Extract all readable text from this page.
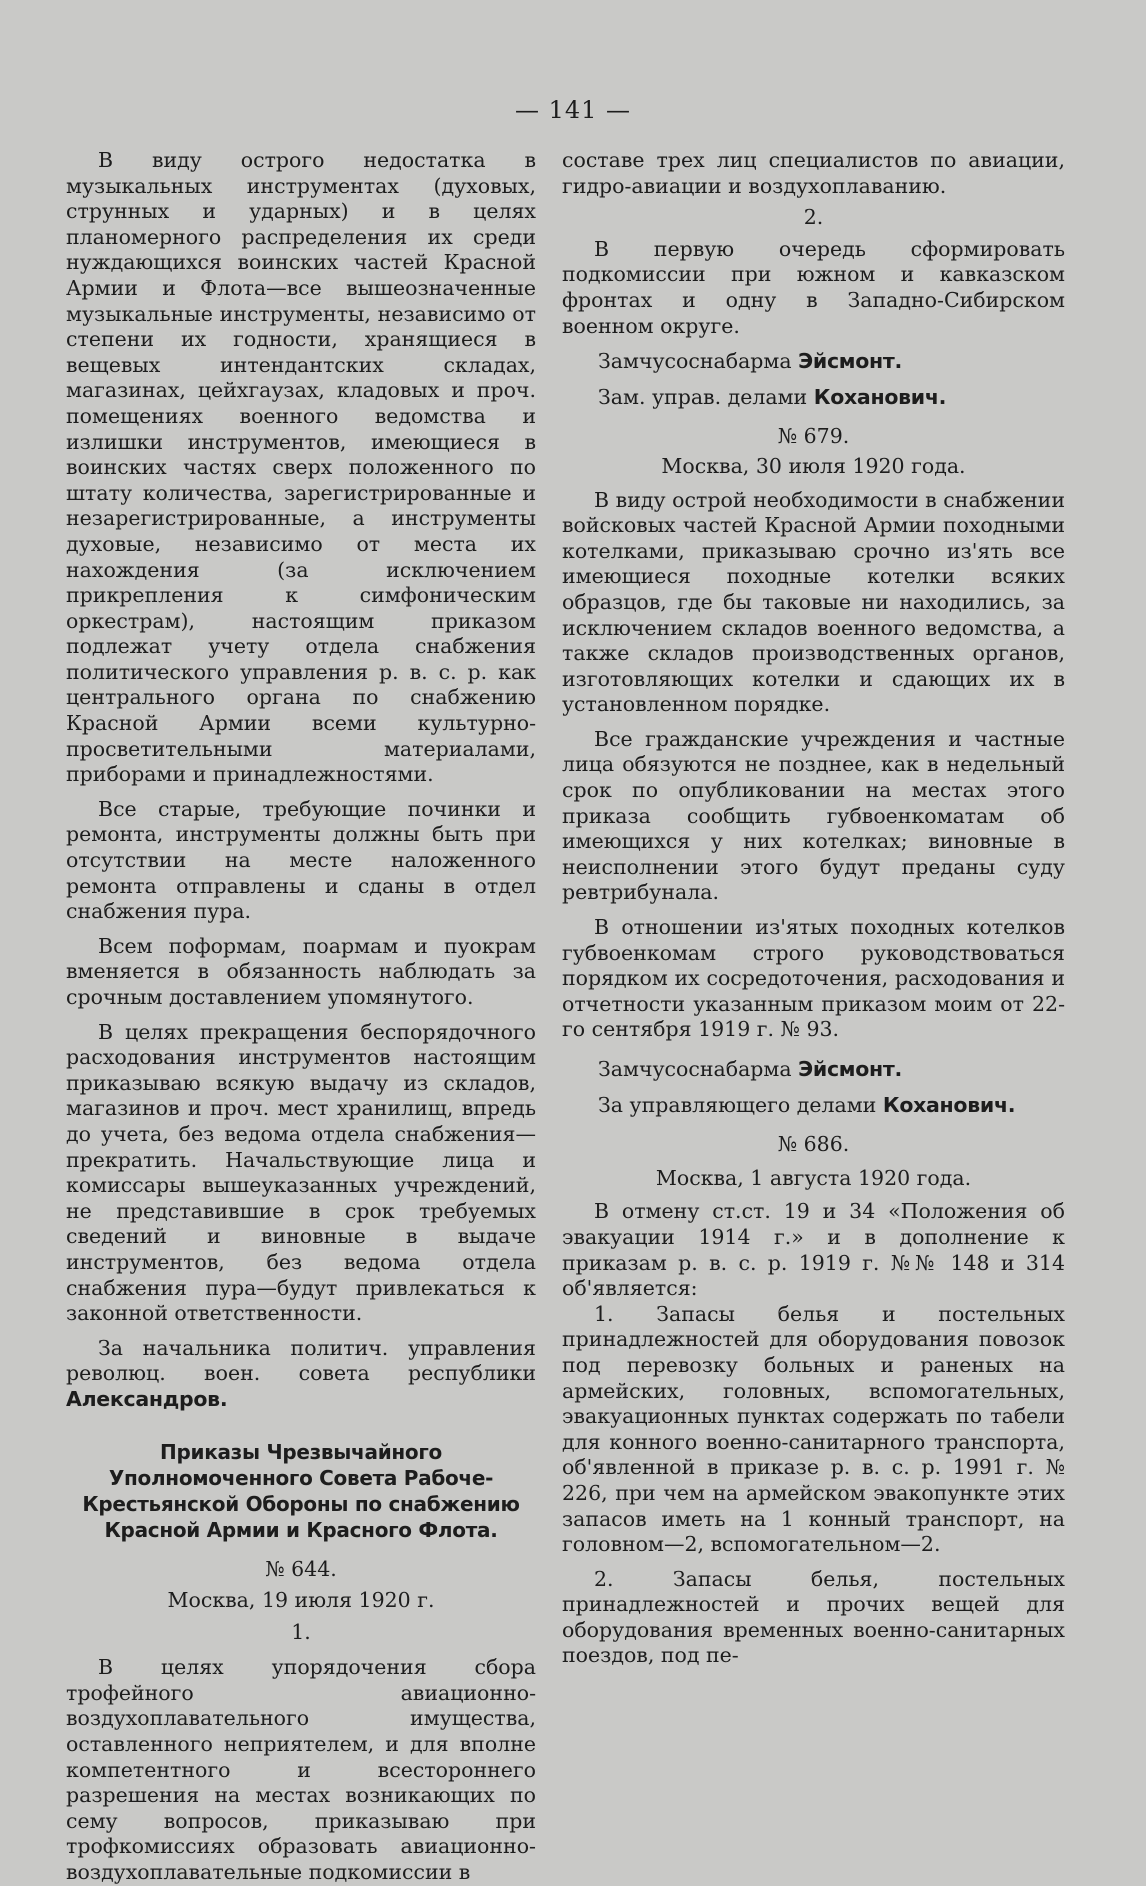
— 141 —

В виду острого недостатка в музыкальных инструментах (духовых, струнных и ударных) и в целях планомерного распределения их среди нуждающихся воинских частей Красной Армии и Флота—все вышеозначенные музыкальные инструменты, независимо от степени их годности, хранящиеся в вещевых интендантских складах, магазинах, цейхгаузах, кладовых и проч. помещениях военного ведомства и излишки инструментов, имеющиеся в воинских частях сверх положенного по штату количества, зарегистрированные и незарегистрированные, а инструменты духовые, независимо от места их нахождения (за исключением прикрепления к симфоническим оркестрам), настоящим приказом подлежат учету отдела снабжения политического управления р. в. с. р. как центрального органа по снабжению Красной Армии всеми культурно-просветительными материалами, приборами и принадлежностями.

Все старые, требующие починки и ремонта, инструменты должны быть при отсутствии на месте наложенного ремонта отправлены и сданы в отдел снабжения пура.

Всем поформам, поармам и пуокрам вменяется в обязанность наблюдать за срочным доставлением упомянутого.

В целях прекращения беспорядочного расходования инструментов настоящим приказываю всякую выдачу из складов, магазинов и проч. мест хранилищ, впредь до учета, без ведома отдела снабжения—прекратить. Начальствующие лица и комиссары вышеуказанных учреждений, не представившие в срок требуемых сведений и виновные в выдаче инструментов, без ведома отдела снабжения пура—будут привлекаться к законной ответственности.

За начальника политич. управления революц. воен. совета республики Александров.

Приказы Чрезвычайного Уполномоченного Совета Рабоче-Крестьянской Обороны по снабжению Красной Армии и Красного Флота.
№ 644.
Москва, 19 июля 1920 г.
1.

В целях упорядочения сбора трофейного авиационно-воздухоплавательного имущества, оставленного неприятелем, и для вполне компетентного и всестороннего разрешения на местах возникающих по сему вопросов, приказываю при трофкомиссиях образовать авиационно-воздухоплавательные подкомиссии в

составе трех лиц специалистов по авиации, гидро-авиации и воздухоплаванию.

2.

В первую очередь сформировать подкомиссии при южном и кавказском фронтах и одну в Западно-Сибирском военном округе.

Замчусоснабарма Эйсмонт.
Зам. управ. делами Коханович.
№ 679.
Москва, 30 июля 1920 года.

В виду острой необходимости в снабжении войсковых частей Красной Армии походными котелками, приказываю срочно из'ять все имеющиеся походные котелки всяких образцов, где бы таковые ни находились, за исключением складов военного ведомства, а также складов производственных органов, изготовляющих котелки и сдающих их в установленном порядке.

Все гражданские учреждения и частные лица обязуются не позднее, как в недельный срок по опубликовании на местах этого приказа сообщить губвоенкоматам об имеющихся у них котелках; виновные в неисполнении этого будут преданы суду ревтрибунала.

В отношении из'ятых походных котелков губвоенкомам строго руководствоваться порядком их сосредоточения, расходования и отчетности указанным приказом моим от 22-го сентября 1919 г. № 93.

Замчусоснабарма Эйсмонт.
За управляющего делами Коханович.
№ 686.
Москва, 1 августа 1920 года.

В отмену ст.ст. 19 и 34 «Положения об эвакуации 1914 г.» и в дополнение к приказам р. в. с. р. 1919 г. №№ 148 и 314 об'является:

1. Запасы белья и постельных принадлежностей для оборудования повозок под перевозку больных и раненых на армейских, головных, вспомогательных, эвакуационных пунктах содержать по табели для конного военно-санитарного транспорта, об'явленной в приказе р. в. с. р. 1991 г. № 226, при чем на армейском эвакопункте этих запасов иметь на 1 конный транспорт, на головном—2, вспомогательном—2.

2. Запасы белья, постельных принадлежностей и прочих вещей для оборудования временных военно-санитарных поездов, под пе-
